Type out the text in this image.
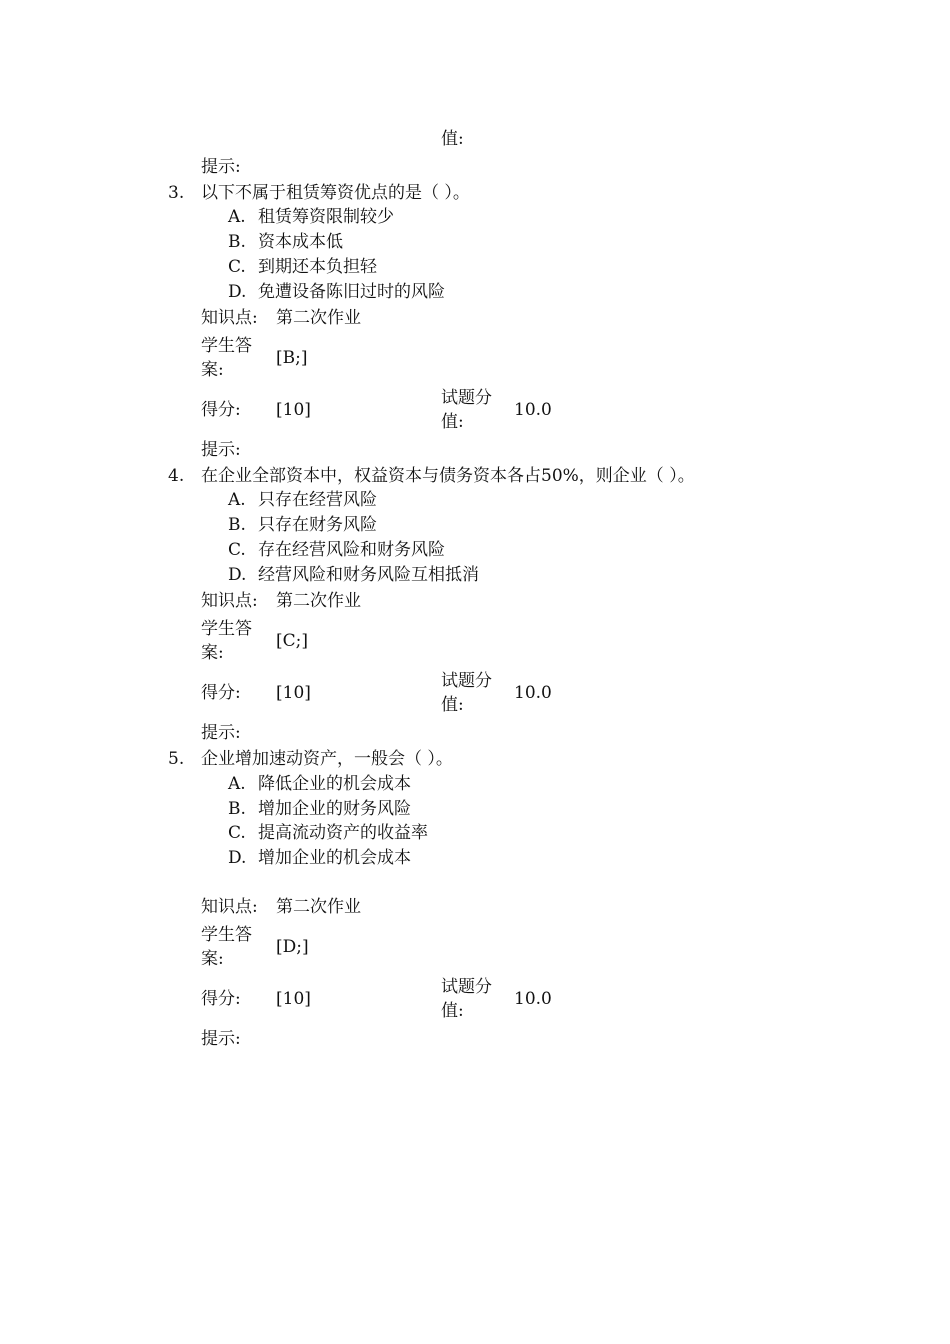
值:
提示:
3. 以下不属于租赁筹资优点的是（ ）。
A. 租赁筹资限制较少
B. 资本成本低
C. 到期还本负担轻
D. 免遭设备陈旧过时的风险
知识点: 第二次作业
学生答
案:
[B;]
得分: [10]
试题分
值:
10.0
提示:
4. 在企业全部资本中，权益资本与债务资本各占50%，则企业（ ）。
A. 只存在经营风险
B. 只存在财务风险
C. 存在经营风险和财务风险
D. 经营风险和财务风险互相抵消
知识点: 第二次作业
学生答
案:
[C;]
得分: [10]
试题分
值:
10.0
提示:
5. 企业增加速动资产，一般会（ ）。
A. 降低企业的机会成本
B. 增加企业的财务风险
C. 提高流动资产的收益率
D. 增加企业的机会成本
知识点: 第二次作业
学生答
案:
[D;]
得分: [10]
试题分
值:
10.0
提示:
